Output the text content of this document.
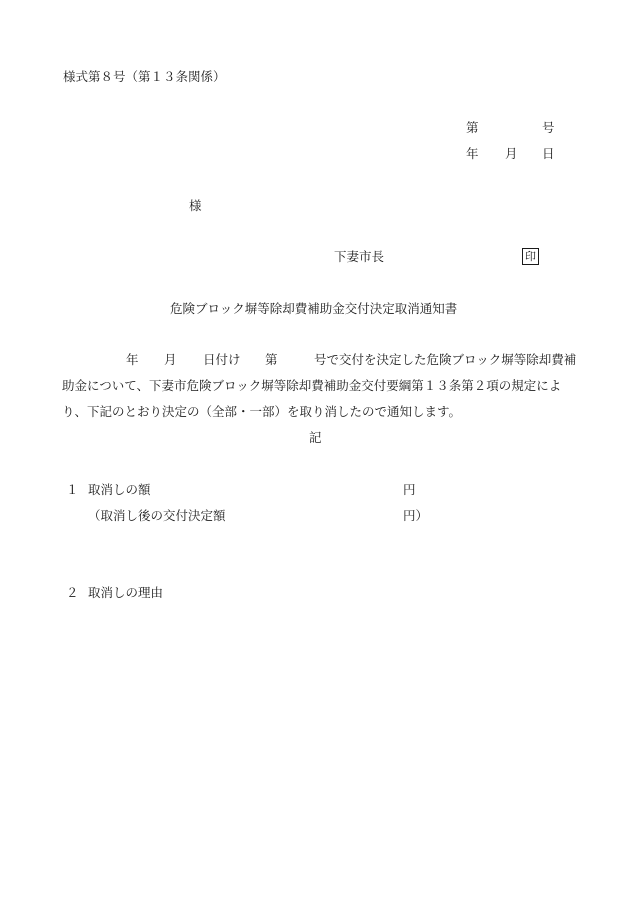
様式第８号（第１３条関係）
第	号
年 月 日
様
下妻市長	印
危険ブロック塀等除却費補助金交付決定取消通知書
年 月 日付け 第	号で交付を決定した危険ブロック塀等除却費補
助金について、下妻市危険ブロック塀等除却費補助金交付要綱第１３条第２項の規定によ
り、下記のとおり決定の（全部・一部）を取り消したので通知します。
記
１ 取消しの額	円
（取消し後の交付決定額	円）
２ 取消しの理由
